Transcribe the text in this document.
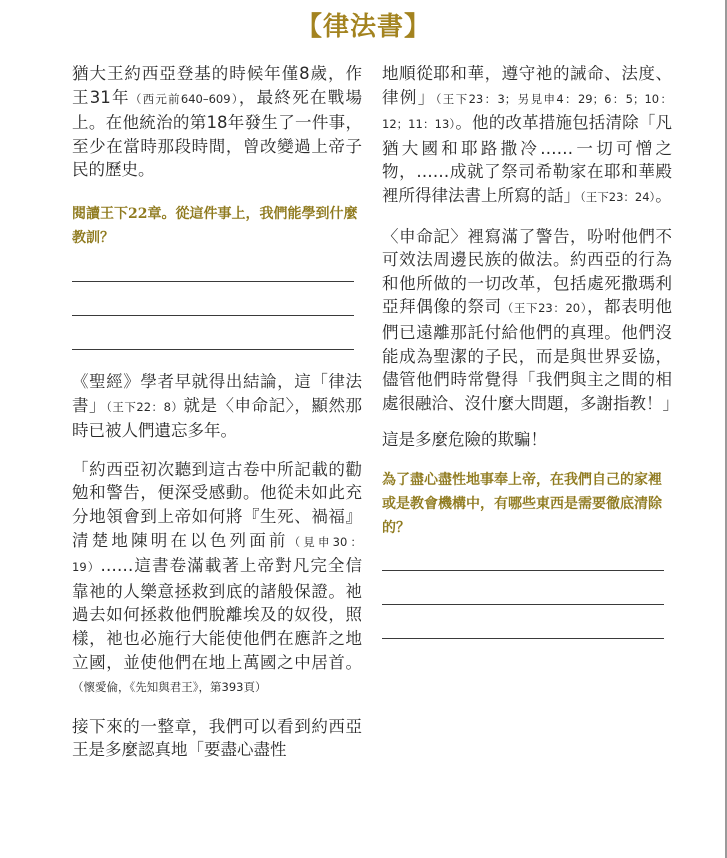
【律法書】

猶大王約西亞登基的時候年僅8歲，作王31年（西元前640–609），最終死在戰場上。在他統治的第18年發生了一件事，至少在當時那段時間，曾改變過上帝子民的歷史。

閱讀王下22章。從這件事上，我們能學到什麼教訓？

《聖經》學者早就得出結論，這「律法書」（王下22：8）就是〈申命記〉，顯然那時已被人們遺忘多年。

「約西亞初次聽到這古卷中所記載的勸勉和警告，便深受感動。他從未如此充分地領會到上帝如何將『生死、禍福』清楚地陳明在以色列面前（見申30：19）……這書卷滿載著上帝對凡完全信靠祂的人樂意拯救到底的諸般保證。祂過去如何拯救他們脫離埃及的奴役，照樣，祂也必施行大能使他們在應許之地立國，並使他們在地上萬國之中居首。（懷愛倫，《先知與君王》，第393頁）

接下來的一整章，我們可以看到約西亞王是多麼認真地「要盡心盡性

地順從耶和華，遵守祂的誡命、法度、律例」（王下23：3；另見申4：29；6：5；10：12；11：13）。他的改革措施包括清除「凡猶大國和耶路撒冷……一切可憎之物，……成就了祭司希勒家在耶和華殿裡所得律法書上所寫的話」（王下23：24）。

〈申命記〉裡寫滿了警告，吩咐他們不可效法周邊民族的做法。約西亞的行為和他所做的一切改革，包括處死撒瑪利亞拜偶像的祭司（王下23：20），都表明他們已遠離那託付給他們的真理。他們沒能成為聖潔的子民，而是與世界妥協，儘管他們時常覺得「我們與主之間的相處很融洽、沒什麼大問題，多謝指教！」

這是多麼危險的欺騙！

為了盡心盡性地事奉上帝，在我們自己的家裡或是教會機構中，有哪些東西是需要徹底清除的？
